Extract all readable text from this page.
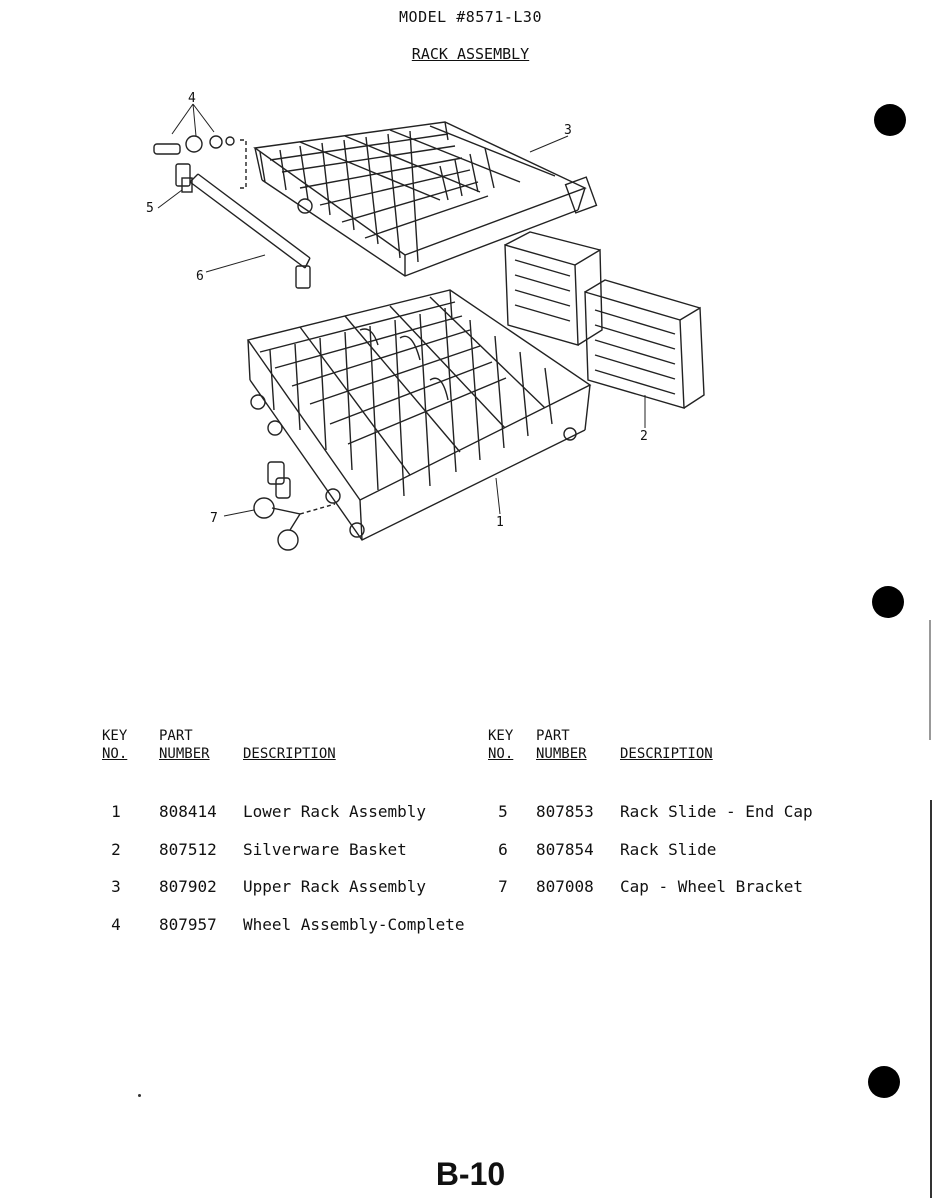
MODEL #8571-L30
RACK ASSEMBLY
4
5
6
3
2
7	1
KEY
NO.
PART
NUMBER DESCRIPTION
KEY
NO.
PART
NUMBER DESCRIPTION
1	808414 Lower Rack Assembly
2	807512 Silverware Basket
3	807902 Upper Rack Assembly
4	807957 Wheel Assembly-Complete
5	807853 Rack Slide - End Cap
6	807854 Rack Slide
7	807008 Cap - Wheel Bracket
B-10
